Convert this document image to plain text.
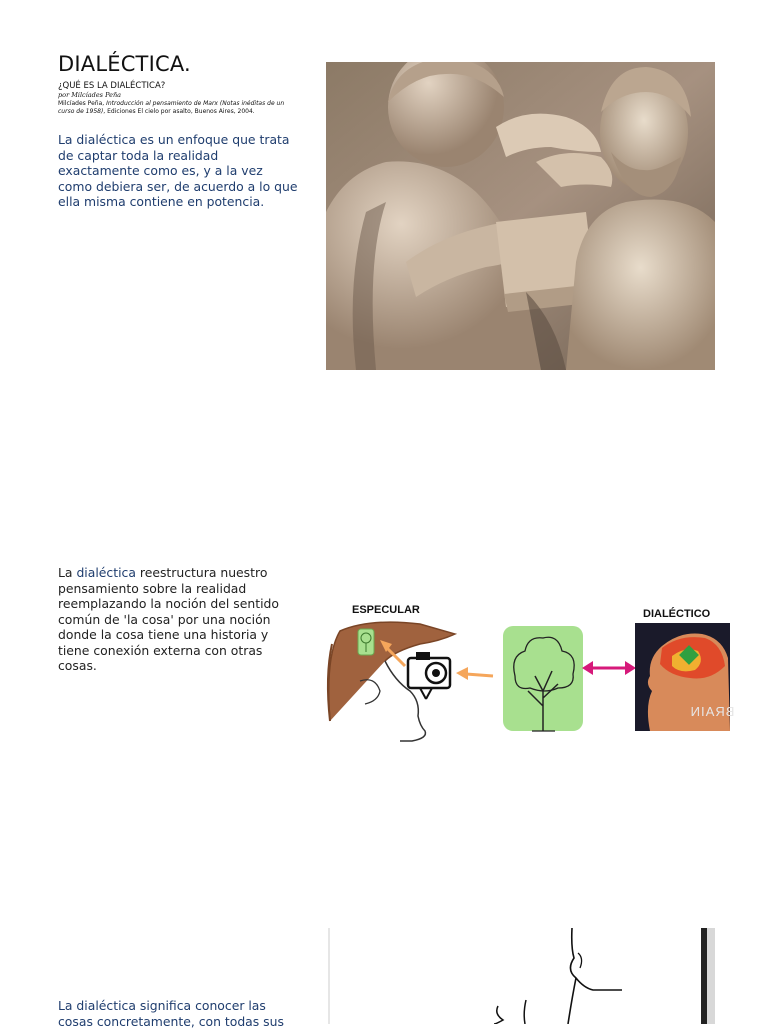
DIALÉCTICA.
¿QUÉ ES LA DIALÉCTICA?
por Milcíades Peña
Milcíades Peña, Introducción al pensamiento de Marx (Notas inéditas de un curso de 1958), Ediciones El cielo por asalto, Buenos Aires, 2004.
La dialéctica es un enfoque que trata de captar toda la realidad exactamente como es, y a la vez como debiera ser, de acuerdo a lo que ella misma contiene en potencia.
La dialéctica reestructura nuestro pensamiento sobre la realidad reemplazando la noción del sentido común de 'la cosa' por una noción donde la cosa tiene una historia y tiene conexión externa con otras cosas.
ESPECULAR	DIALÉCTICO
BRAIN
La dialéctica significa conocer las cosas concretamente, con todas sus
